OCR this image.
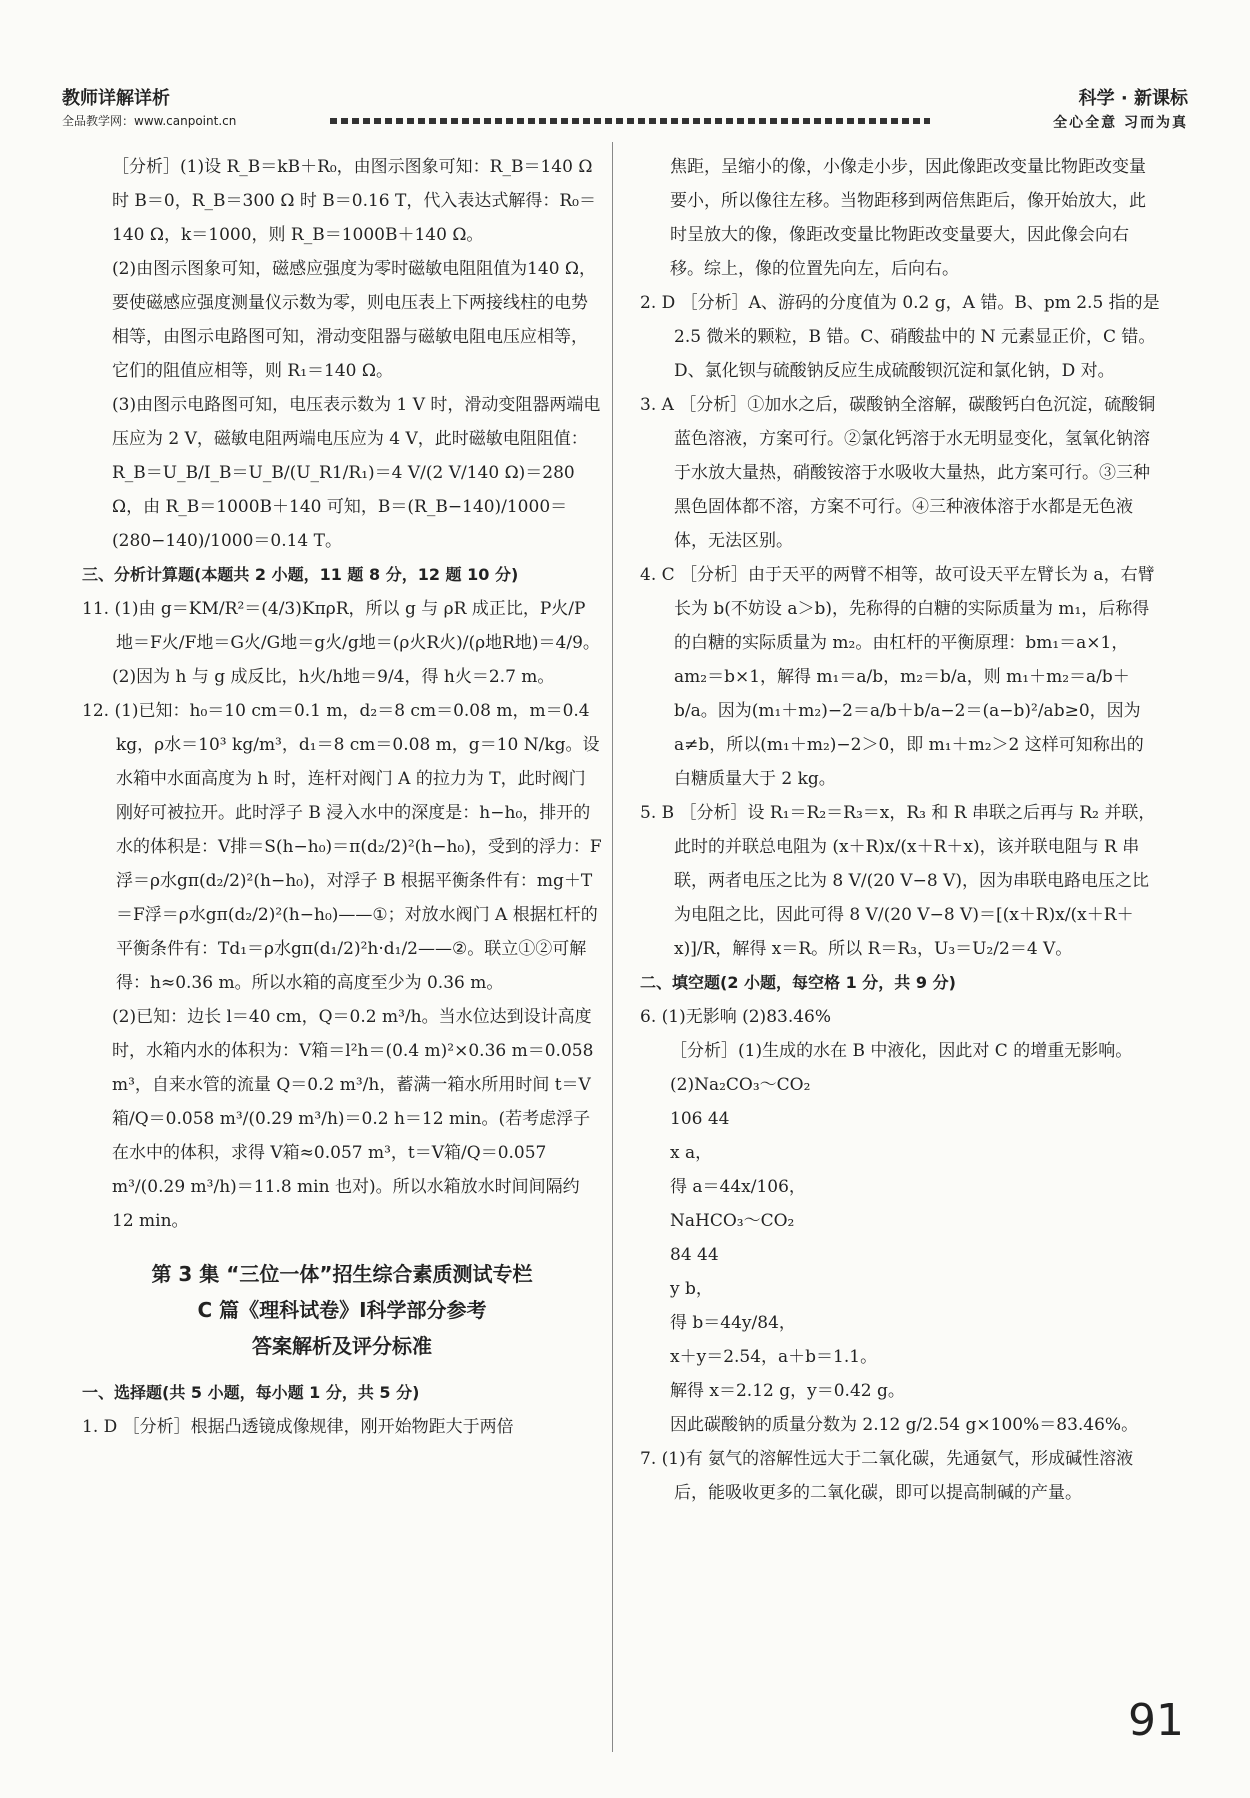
教师详解详析
全品教学网：www.canpoint.cn
科学 · 新课标
全心全意 习而为真

［分析］(1)设 R_B＝kB＋R₀，由图示图象可知：R_B＝140 Ω 时 B＝0，R_B＝300 Ω 时 B＝0.16 T，代入表达式解得：R₀＝140 Ω，k＝1000，则 R_B＝1000B＋140 Ω。

(2)由图示图象可知，磁感应强度为零时磁敏电阻阻值为140 Ω，要使磁感应强度测量仪示数为零，则电压表上下两接线柱的电势相等，由图示电路图可知，滑动变阻器与磁敏电阻电压应相等，它们的阻值应相等，则 R₁＝140 Ω。

(3)由图示电路图可知，电压表示数为 1 V 时，滑动变阻器两端电压应为 2 V，磁敏电阻两端电压应为 4 V，此时磁敏电阻阻值：R_B＝U_B/I_B＝U_B/(U_R1/R₁)＝4 V/(2 V/140 Ω)＝280 Ω，由 R_B＝1000B＋140 可知，B＝(R_B−140)/1000＝(280−140)/1000＝0.14 T。

三、分析计算题(本题共 2 小题，11 题 8 分，12 题 10 分)

11. (1)由 g＝KM/R²＝(4/3)KπρR，所以 g 与 ρR 成正比，P火/P地＝F火/F地＝G火/G地＝g火/g地＝(ρ火R火)/(ρ地R地)＝4/9。

(2)因为 h 与 g 成反比，h火/h地＝9/4，得 h火＝2.7 m。

12. (1)已知：h₀＝10 cm＝0.1 m，d₂＝8 cm＝0.08 m，m＝0.4 kg，ρ水＝10³ kg/m³，d₁＝8 cm＝0.08 m，g＝10 N/kg。设水箱中水面高度为 h 时，连杆对阀门 A 的拉力为 T，此时阀门刚好可被拉开。此时浮子 B 浸入水中的深度是：h−h₀，排开的水的体积是：V排＝S(h−h₀)＝π(d₂/2)²(h−h₀)，受到的浮力：F浮＝ρ水gπ(d₂/2)²(h−h₀)，对浮子 B 根据平衡条件有：mg＋T＝F浮＝ρ水gπ(d₂/2)²(h−h₀)——①；对放水阀门 A 根据杠杆的平衡条件有：Td₁＝ρ水gπ(d₁/2)²h·d₁/2——②。联立①②可解得：h≈0.36 m。所以水箱的高度至少为 0.36 m。

(2)已知：边长 l＝40 cm，Q＝0.2 m³/h。当水位达到设计高度时，水箱内水的体积为：V箱＝l²h＝(0.4 m)²×0.36 m＝0.058 m³，自来水管的流量 Q＝0.2 m³/h，蓄满一箱水所用时间 t＝V箱/Q＝0.058 m³/(0.29 m³/h)＝0.2 h＝12 min。(若考虑浮子在水中的体积，求得 V箱≈0.057 m³，t＝V箱/Q＝0.057 m³/(0.29 m³/h)＝11.8 min 也对)。所以水箱放水时间间隔约 12 min。

第 3 集 “三位一体”招生综合素质测试专栏

C 篇《理科试卷》Ⅰ科学部分参考

答案解析及评分标准

一、选择题(共 5 小题，每小题 1 分，共 5 分)

1. D ［分析］根据凸透镜成像规律，刚开始物距大于两倍

焦距，呈缩小的像，小像走小步，因此像距改变量比物距改变量要小，所以像往左移。当物距移到两倍焦距后，像开始放大，此时呈放大的像，像距改变量比物距改变量要大，因此像会向右移。综上，像的位置先向左，后向右。

2. D ［分析］A、游码的分度值为 0.2 g，A 错。B、pm 2.5 指的是 2.5 微米的颗粒，B 错。C、硝酸盐中的 N 元素显正价，C 错。D、氯化钡与硫酸钠反应生成硫酸钡沉淀和氯化钠，D 对。

3. A ［分析］①加水之后，碳酸钠全溶解，碳酸钙白色沉淀，硫酸铜蓝色溶液，方案可行。②氯化钙溶于水无明显变化，氢氧化钠溶于水放大量热，硝酸铵溶于水吸收大量热，此方案可行。③三种黑色固体都不溶，方案不可行。④三种液体溶于水都是无色液体，无法区别。

4. C ［分析］由于天平的两臂不相等，故可设天平左臂长为 a，右臂长为 b(不妨设 a＞b)，先称得的白糖的实际质量为 m₁，后称得的白糖的实际质量为 m₂。由杠杆的平衡原理：bm₁＝a×1，am₂＝b×1，解得 m₁＝a/b，m₂＝b/a，则 m₁＋m₂＝a/b＋b/a。因为(m₁＋m₂)−2＝a/b＋b/a−2＝(a−b)²/ab≥0，因为 a≠b，所以(m₁＋m₂)−2＞0，即 m₁＋m₂＞2 这样可知称出的白糖质量大于 2 kg。

5. B ［分析］设 R₁＝R₂＝R₃＝x，R₃ 和 R 串联之后再与 R₂ 并联，此时的并联总电阻为 (x＋R)x/(x＋R＋x)，该并联电阻与 R 串联，两者电压之比为 8 V/(20 V−8 V)，因为串联电路电压之比为电阻之比，因此可得 8 V/(20 V−8 V)＝[(x＋R)x/(x＋R＋x)]/R，解得 x＝R。所以 R＝R₃，U₃＝U₂/2＝4 V。

二、填空题(2 小题，每空格 1 分，共 9 分)

6. (1)无影响 (2)83.46%

［分析］(1)生成的水在 B 中液化，因此对 C 的增重无影响。

(2)Na₂CO₃～CO₂

106 44

x a，

得 a＝44x/106，

NaHCO₃～CO₂

84 44

y b，

得 b＝44y/84，

x＋y＝2.54，a＋b＝1.1。

解得 x＝2.12 g，y＝0.42 g。

因此碳酸钠的质量分数为 2.12 g/2.54 g×100%＝83.46%。

7. (1)有 氨气的溶解性远大于二氧化碳，先通氨气，形成碱性溶液后，能吸收更多的二氧化碳，即可以提高制碱的产量。

91
